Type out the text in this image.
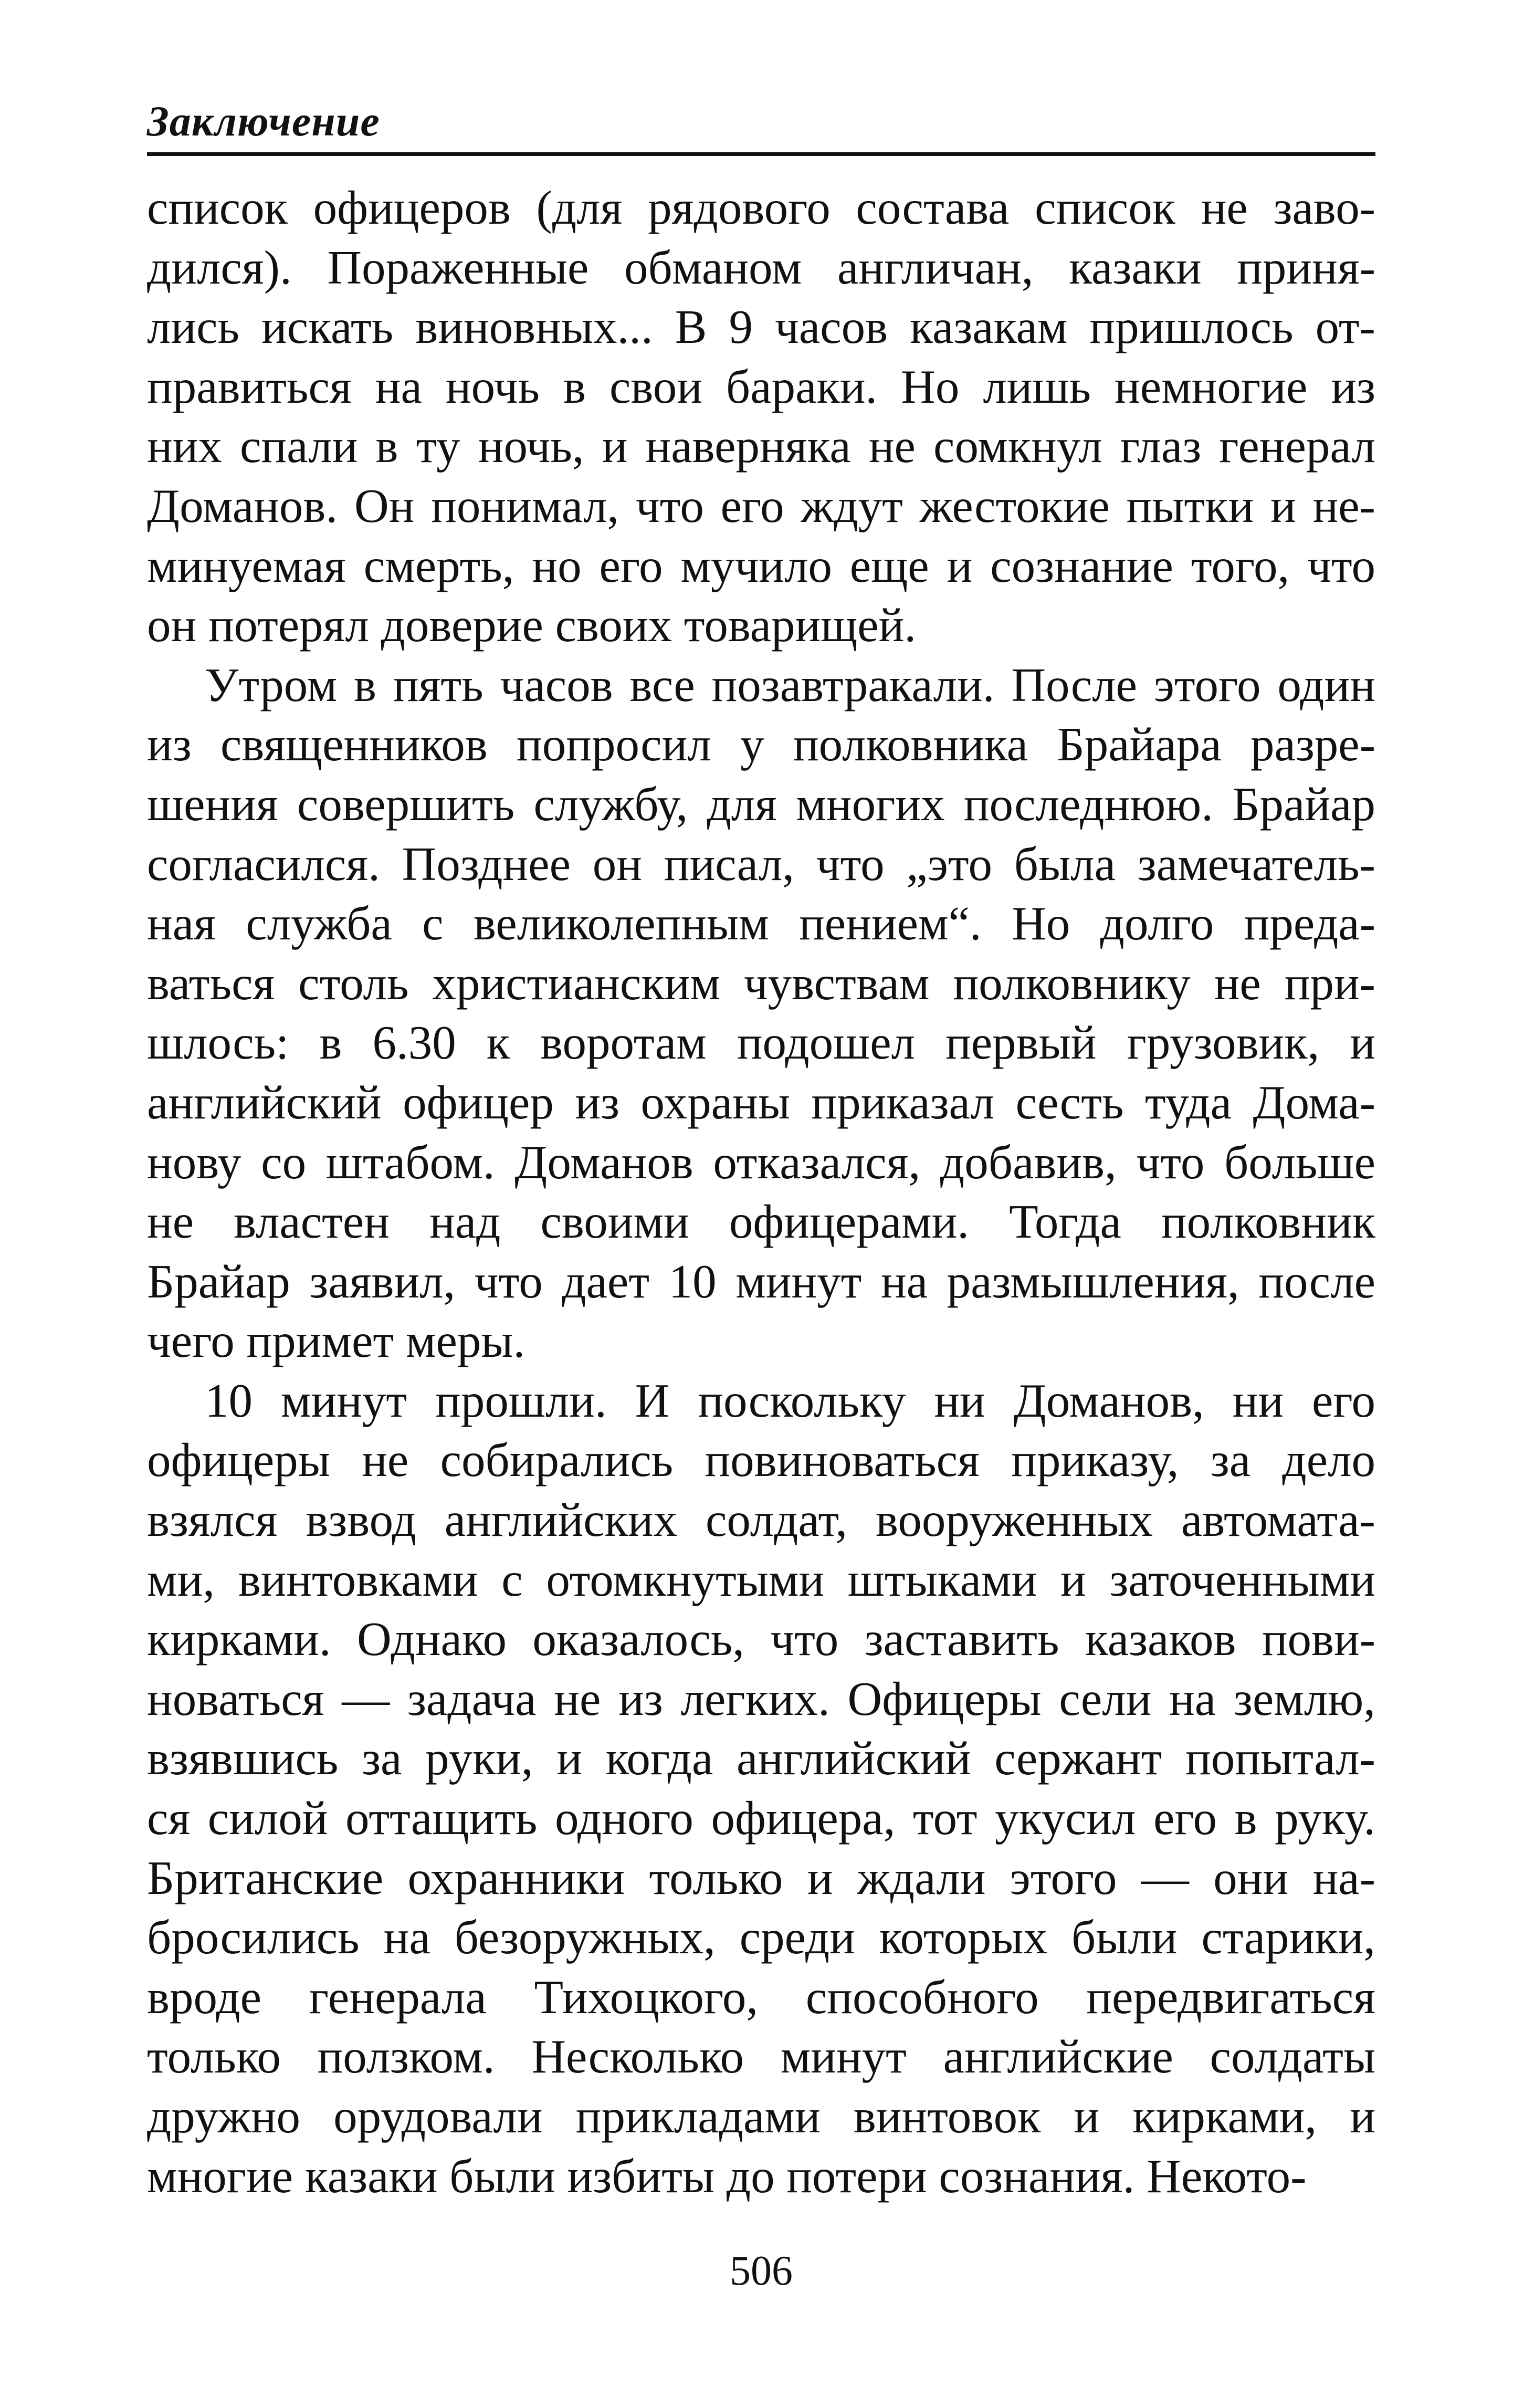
Заключение

список офицеров (для рядового состава список не заво-
дился). Пораженные обманом англичан, казаки приня-
лись искать виновных... В 9 часов казакам пришлось от-
правиться на ночь в свои бараки. Но лишь немногие из
них спали в ту ночь, и наверняка не сомкнул глаз генерал
Доманов. Он понимал, что его ждут жестокие пытки и не-
минуемая смерть, но его мучило еще и сознание того, что
он потерял доверие своих товарищей.

Утром в пять часов все позавтракали. После этого один
из священников попросил у полковника Брайара разре-
шения совершить службу, для многих последнюю. Брайар
согласился. Позднее он писал, что „это была замечатель-
ная служба с великолепным пением“. Но долго преда-
ваться столь христианским чувствам полковнику не при-
шлось: в 6.30 к воротам подошел первый грузовик, и
английский офицер из охраны приказал сесть туда Дома-
нову со штабом. Доманов отказался, добавив, что больше
не властен над своими офицерами. Тогда полковник
Брайар заявил, что дает 10 минут на размышления, после
чего примет меры.

10 минут прошли. И поскольку ни Доманов, ни его
офицеры не собирались повиноваться приказу, за дело
взялся взвод английских солдат, вооруженных автомата-
ми, винтовками с отомкнутыми штыками и заточенными
кирками. Однако оказалось, что заставить казаков пови-
новаться — задача не из легких. Офицеры сели на землю,
взявшись за руки, и когда английский сержант попытал-
ся силой оттащить одного офицера, тот укусил его в руку.
Британские охранники только и ждали этого — они на-
бросились на безоружных, среди которых были старики,
вроде генерала Тихоцкого, способного передвигаться
только ползком. Несколько минут английские солдаты
дружно орудовали прикладами винтовок и кирками, и
многие казаки были избиты до потери сознания. Некото-

506
